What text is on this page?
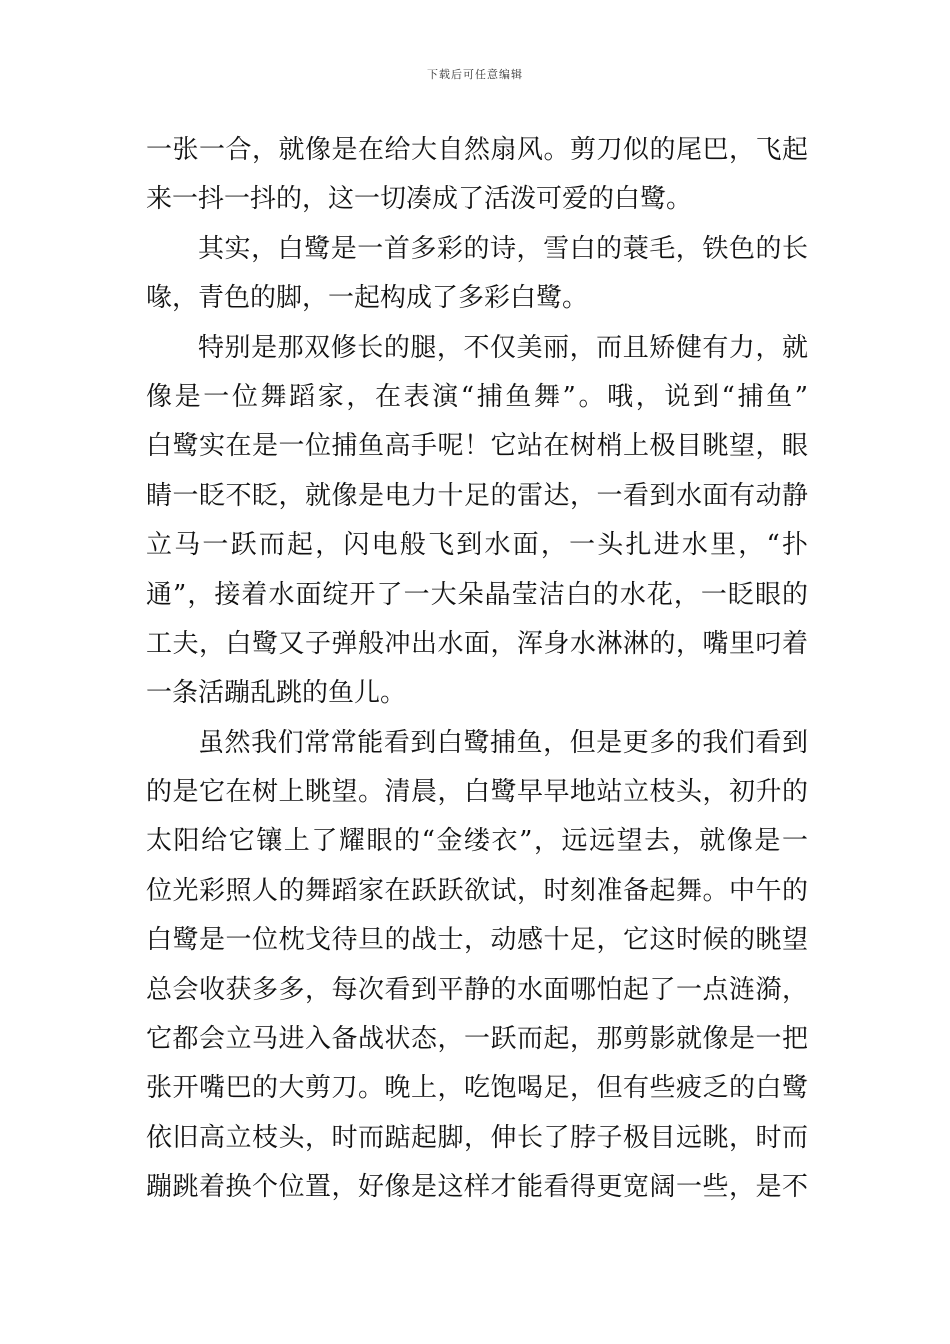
下载后可任意编辑
一张一合，就像是在给大自然扇风。剪刀似的尾巴，飞起
来一抖一抖的，这一切凑成了活泼可爱的白鹭。
其实，白鹭是一首多彩的诗，雪白的蓑毛，铁色的长
喙，青色的脚，一起构成了多彩白鹭。
特别是那双修长的腿，不仅美丽，而且矫健有力，就
像是一位舞蹈家，在表演“捕鱼舞”。哦，说到“捕鱼”
白鹭实在是一位捕鱼高手呢！它站在树梢上极目眺望，眼
睛一眨不眨，就像是电力十足的雷达，一看到水面有动静
立马一跃而起，闪电般飞到水面，一头扎进水里，“扑
通”，接着水面绽开了一大朵晶莹洁白的水花，一眨眼的
工夫，白鹭又子弹般冲出水面，浑身水淋淋的，嘴里叼着
一条活蹦乱跳的鱼儿。
虽然我们常常能看到白鹭捕鱼，但是更多的我们看到
的是它在树上眺望。清晨，白鹭早早地站立枝头，初升的
太阳给它镶上了耀眼的“金缕衣”，远远望去，就像是一
位光彩照人的舞蹈家在跃跃欲试，时刻准备起舞。中午的
白鹭是一位枕戈待旦的战士，动感十足，它这时候的眺望
总会收获多多，每次看到平静的水面哪怕起了一点涟漪，
它都会立马进入备战状态，一跃而起，那剪影就像是一把
张开嘴巴的大剪刀。晚上，吃饱喝足，但有些疲乏的白鹭
依旧高立枝头，时而踮起脚，伸长了脖子极目远眺，时而
蹦跳着换个位置，好像是这样才能看得更宽阔一些，是不
